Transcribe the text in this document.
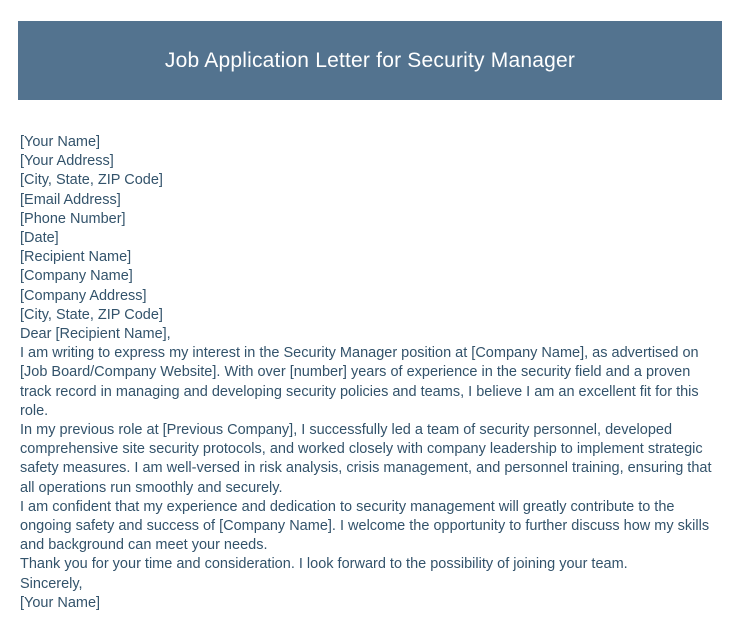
Job Application Letter for Security Manager
[Your Name]
[Your Address]
[City, State, ZIP Code]
[Email Address]
[Phone Number]
[Date]
[Recipient Name]
[Company Name]
[Company Address]
[City, State, ZIP Code]
Dear [Recipient Name],

I am writing to express my interest in the Security Manager position at [Company Name], as advertised on [Job Board/Company Website]. With over [number] years of experience in the security field and a proven track record in managing and developing security policies and teams, I believe I am an excellent fit for this role.

In my previous role at [Previous Company], I successfully led a team of security personnel, developed comprehensive site security protocols, and worked closely with company leadership to implement strategic safety measures. I am well-versed in risk analysis, crisis management, and personnel training, ensuring that all operations run smoothly and securely.

I am confident that my experience and dedication to security management will greatly contribute to the ongoing safety and success of [Company Name]. I welcome the opportunity to further discuss how my skills and background can meet your needs.

Thank you for your time and consideration. I look forward to the possibility of joining your team.

Sincerely,
[Your Name]
